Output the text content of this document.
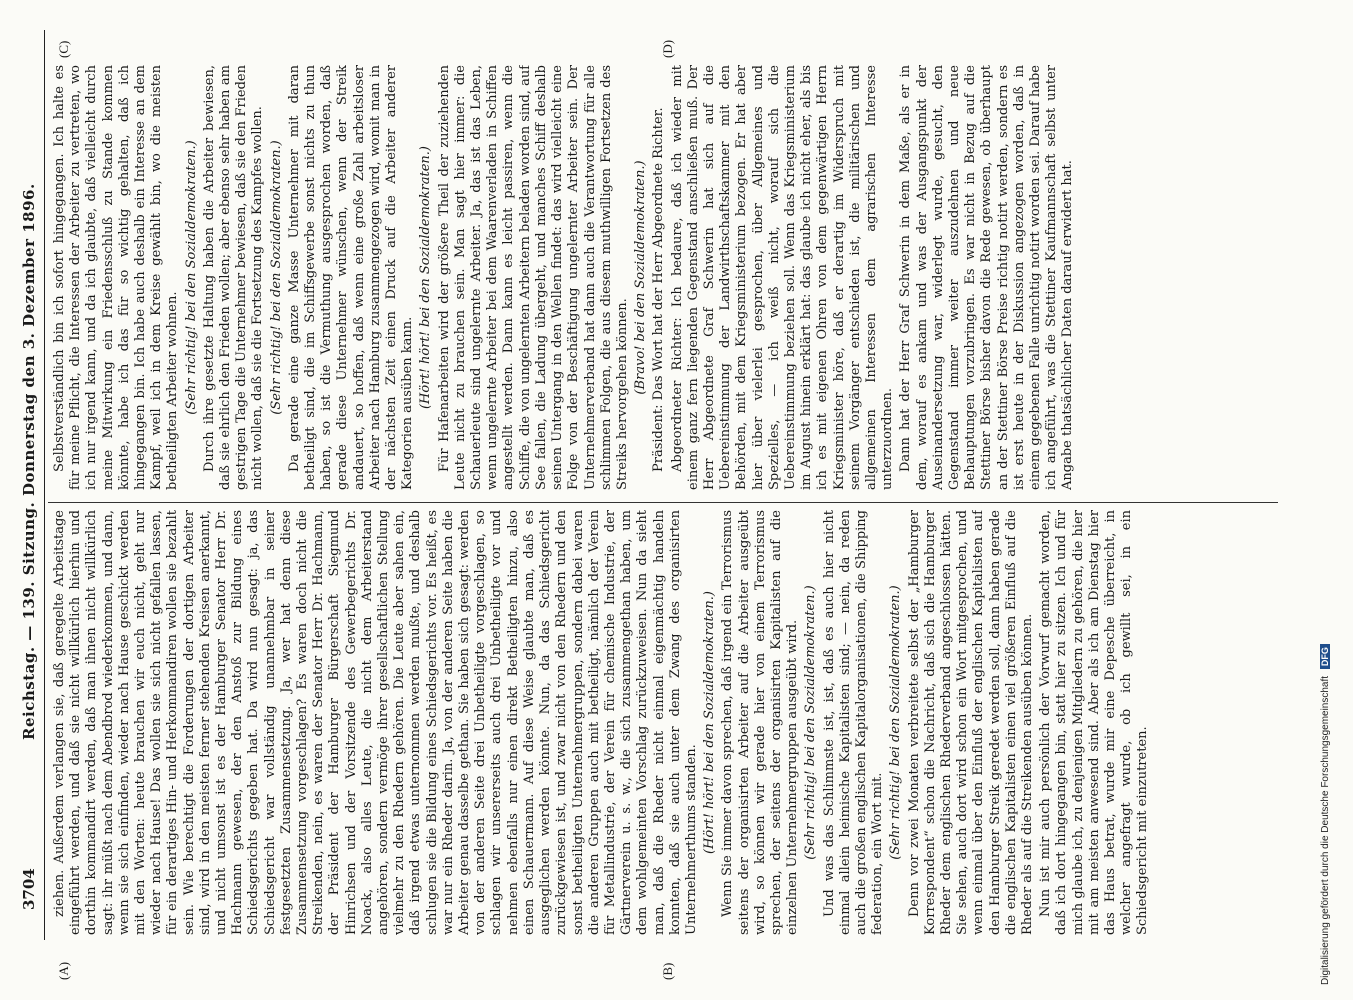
3704
Reichstag. — 139. Sitzung. Donnerstag den 3. Dezember 1896.
(A)	(B)
(C)	(D)

ziehen. Außerdem verlangen sie, daß geregelte Arbeitstage eingeführt werden, und daß sie nicht willkürlich hierhin und dorthin kommandirt werden, daß man ihnen nicht willkürlich sagt: ihr müßt nach dem Abendbrod wiederkommen, und dann, wenn sie sich einfinden, wieder nach Hause geschickt werden mit den Worten: heute brauchen wir euch nicht, geht nur wieder nach Hause! Das wollen sie sich nicht gefallen lassen, für ein derartiges Hin- und Herkommandiren wollen sie bezahlt sein. Wie berechtigt die Forderungen der dortigen Arbeiter sind, wird in den meisten ferner stehenden Kreisen anerkannt, und nicht umsonst ist es der Hamburger Senator Herr Dr. Hachmann gewesen, der den Anstoß zur Bildung eines Schiedsgerichts gegeben hat. Da wird nun gesagt: ja, das Schiedsgericht war vollständig unannehmbar in seiner festgesetzten Zusammensetzung. Ja, wer hat denn diese Zusammensetzung vorgeschlagen? Es waren doch nicht die Streikenden, nein, es waren der Senator Herr Dr. Hachmann, der Präsident der Hamburger Bürgerschaft Siegmund Hinrichsen und der Vorsitzende des Gewerbegerichts Dr. Noack, also alles Leute, die nicht dem Arbeiterstand angehören, sondern vermöge ihrer gesellschaftlichen Stellung vielmehr zu den Rhedern gehören. Die Leute aber sahen ein, daß irgend etwas unternommen werden mußte, und deshalb schlugen sie die Bildung eines Schiedsgerichts vor. Es heißt, es war nur ein Rheder darin. Ja, von der anderen Seite haben die Arbeiter genau dasselbe gethan. Sie haben sich gesagt: werden von der anderen Seite drei Unbetheiligte vorgeschlagen, so schlagen wir unsererseits auch drei Unbetheiligte vor und nehmen ebenfalls nur einen direkt Betheiligten hinzu, also einen Schauermann. Auf diese Weise glaubte man, daß es ausgeglichen werden könnte. Nun, da das Schiedsgericht zurückgewiesen ist, und zwar nicht von den Rhedern und den sonst betheiligten Unternehmergruppen, sondern dabei waren die anderen Gruppen auch mit betheiligt, nämlich der Verein für Metallindustrie, der Verein für chemische Industrie, der Gärtnerverein u. s. w., die sich zusammengethan haben, um dem wohlgemeinten Vorschlag zurückzuweisen. Nun da sieht man, daß die Rheder nicht einmal eigenmächtig handeln konnten, daß sie auch unter dem Zwang des organisirten Unternehmerthums standen. (Hört! hört! bei den Sozialdemokraten.) Wenn Sie immer davon sprechen, daß irgend ein Terrorismus seitens der organisirten Arbeiter auf die Arbeiter ausgeübt wird, so können wir gerade hier von einem Terrorismus sprechen, der seitens der organisirten Kapitalisten auf die einzelnen Unternehmergruppen ausgeübt wird. (Sehr richtig! bei den Sozialdemokraten.) Und was das Schlimmste ist, ist, daß es auch hier nicht einmal allein heimische Kapitalisten sind; — nein, da reden auch die großen englischen Kapitalorganisationen, die Shipping federation, ein Wort mit. (Sehr richtig! bei den Sozialdemokraten.) Denn vor zwei Monaten verbreitete selbst der „Hamburger Korrespondent“ schon die Nachricht, daß sich die Hamburger Rheder dem englischen Rhederverband angeschlossen hätten. Sie sehen, auch dort wird schon ein Wort mitgesprochen, und wenn einmal über den Einfluß der englischen Kapitalisten auf den Hamburger Streik geredet werden soll, dann haben gerade die englischen Kapitalisten einen viel größeren Einfluß auf die Rheder als auf die Streikenden ausüben können. Nun ist mir auch persönlich der Vorwurf gemacht worden, daß ich dort hingegangen bin, statt hier zu sitzen. Ich und für mich glaube ich, zu denjenigen Mitgliedern zu gehören, die hier mit am meisten anwesend sind. Aber als ich am Dienstag hier das Haus betrat, wurde mir eine Depesche überreicht, in welcher angefragt wurde, ob ich gewillt sei, in ein Schiedsgericht mit einzutreten.

Selbstverständlich bin ich sofort hingegangen. Ich halte es für meine Pflicht, die Interessen der Arbeiter zu vertreten, wo ich nur irgend kann, und da ich glaubte, daß vielleicht durch meine Mitwirkung ein Friedensschluß zu Stande kommen könnte, habe ich das für so wichtig gehalten, daß ich hingegangen bin. Ich habe auch deshalb ein Interesse an dem Kampf, weil ich in dem Kreise gewählt bin, wo die meisten betheiligten Arbeiter wohnen. (Sehr richtig! bei den Sozialdemokraten.) Durch ihre gesetzte Haltung haben die Arbeiter bewiesen, daß sie ehrlich den Frieden wollen; aber ebenso sehr haben am gestrigen Tage die Unternehmer bewiesen, daß sie den Frieden nicht wollen, daß sie die Fortsetzung des Kampfes wollen. (Sehr richtig! bei den Sozialdemokraten.) Da gerade eine ganze Masse Unternehmer mit daran betheiligt sind, die im Schiffsgewerbe sonst nichts zu thun haben, so ist die Vermuthung ausgesprochen worden, daß gerade diese Unternehmer wünschen, wenn der Streik andauert, so hoffen, daß wenn eine große Zahl arbeitsloser Arbeiter nach Hamburg zusammengezogen wird, womit man in der nächsten Zeit einen Druck auf die Arbeiter anderer Kategorien ausüben kann. (Hört! hört! bei den Sozialdemokraten.) Für Hafenarbeiten wird der größere Theil der zuziehenden Leute nicht zu brauchen sein. Man sagt hier immer: die Schauerleute sind ungelernte Arbeiter. Ja, das ist das Leben, wenn ungelernte Arbeiter bei dem Waarenverladen in Schiffen angestellt werden. Dann kann es leicht passiren, wenn die Schiffe, die von ungelernten Arbeitern beladen worden sind, auf See fallen, die Ladung übergeht, und manches Schiff deshalb seinen Untergang in den Wellen findet: das wird vielleicht eine Folge von der Beschäftigung ungelernter Arbeiter sein. Der Unternehmerverband hat dann auch die Verantwortung für alle schlimmen Folgen, die aus diesem muthwilligen Fortsetzen des Streiks hervorgehen können. (Bravo! bei den Sozialdemokraten.) Präsident: Das Wort hat der Herr Abgeordnete Richter. Abgeordneter Richter: Ich bedaure, daß ich wieder mit einem ganz fern liegenden Gegenstand anschließen muß. Der Herr Abgeordnete Graf Schwerin hat sich auf die Uebereinstimmung der Landwirthschaftskammer mit den Behörden, mit dem Kriegsministerium bezogen. Er hat aber hier über vielerlei gesprochen, über Allgemeines und Spezielles, — ich weiß nicht, worauf sich die Uebereinstimmung beziehen soll. Wenn das Kriegsministerium im August hinein erklärt hat: das glaube ich nicht eher, als bis ich es mit eigenen Ohren von dem gegenwärtigen Herrn Kriegsminister höre, daß er derartig im Widerspruch mit seinem Vorgänger entschieden ist, die militärischen und allgemeinen Interessen dem agrarischen Interesse unterzuordnen. Dann hat der Herr Graf Schwerin in dem Maße, als er in dem, worauf es ankam und was der Ausgangspunkt der Auseinandersetzung war, widerlegt wurde, gesucht, den Gegenstand immer weiter auszudehnen und neue Behauptungen vorzubringen. Es war nicht in Bezug auf die Stettiner Börse bisher davon die Rede gewesen, ob überhaupt an der Stettiner Börse Preise richtig notirt werden, sondern es ist erst heute in der Diskussion angezogen worden, daß in einem gegebenen Falle unrichtig notirt worden sei. Darauf habe ich angeführt, was die Stettiner Kaufmannschaft selbst unter Angabe thatsächlicher Daten darauf erwidert hat.

Digitalisierung gefördert durch die Deutsche Forschungsgemeinschaft DFG
